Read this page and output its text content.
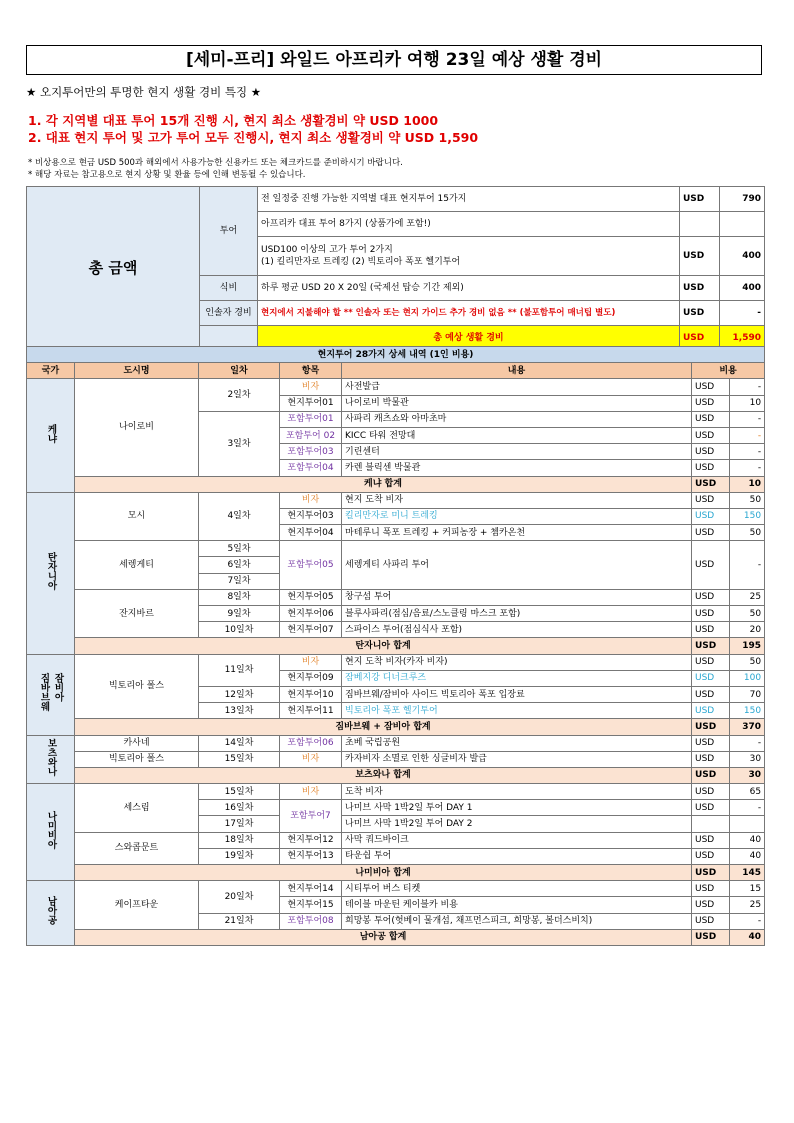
[세미-프리] 와일드 아프리카 여행 23일 예상 생활 경비
★ 오지투어만의 투명한 현지 생활 경비 특징 ★
1. 각 지역별 대표 투어 15개 진행 시, 현지 최소 생활경비 약 USD 1000
2. 대표 현지 투어 및 고가 투어 모두 진행시, 현지 최소 생활경비 약 USD 1,590
* 비상용으로 현금 USD 500과 해외에서 사용가능한 신용카드 또는 체크카드를 준비하시기 바랍니다.
* 해당 자료는 참고용으로 현지 상황 및 환율 등에 인해 변동될 수 있습니다.
총 금액	투어	전 일정중 진행 가능한 지역별 대표 현지투어 15가지	USD	790
		아프리카 대표 투어 8가지 (상품가에 포함!)		

		USD100 이상의 고가 투어 2가지
(1) 킬리만자로 트레킹 (2) 빅토리아 폭포 헬기투어	USD	400
	식비	하루 평균 USD 20 X 20일 (국제선 탑승 기간 제외)	USD	400
	인솔자 경비	현지에서 지불해야 할 ** 인솔자 또는 현지 가이드 추가 경비 없음 ** (불포함투어 매너팁 별도)	USD	-
		총 예상 생활 경비	USD	1,590
현지투어 28가지 상세 내역 (1인 비용)						
국가	도시명	일차	항목	내용	비용	
케냐	나이로비	2일차	비자	사전발급	USD	-
			현지투어01	나이로비 박물관	USD	10
		3일차	포함투어01	사파리 캐츠쇼와 아마초마	USD	-
			포함투어 02	KICC 타워 전망대	USD	-
			포함투어03	기린센터	USD	-
			포함투어04	카렌 블릭센 박물관	USD	-
	케냐 합계				USD	10
탄자니아	모시	4일차	비자	현지 도착 비자	USD	50
			현지투어03	킬리만자로 미니 트레킹	USD	150
			현지투어04	마테루니 폭포 트레킹 + 커피농장 + 쳄카온천	USD	50
	세렝게티	5일차	포함투어05	세렝게티 사파리 투어	USD	-
		6일차				
		7일차				
	잔지바르	8일차	현지투어05	창구섬 투어	USD	25
		9일차	현지투어06	블루사파리(점심/음료/스노클링 마스크 포함)	USD	50
		10일차	현지투어07	스파이스 투어(점심식사 포함)	USD	20
	탄자니아 합계				USD	195
짐바브웨 잠비아	빅토리아 폴스	11일차	비자	현지 도착 비자(카자 비자)	USD	50
			현지투어09	잠베지강 디너크루즈	USD	100
		12일차	현지투어10	짐바브웨/잠비아 사이드 빅토리아 폭포 입장료	USD	70
		13일차	현지투어11	빅토리아 폭포 헬기투어	USD	150
	짐바브웨 + 잠비아 합계				USD	370
보츠와나	카사네	14일차	포함투어06	초베 국립공원	USD	-
	빅토리아 폴스	15일차	비자	카자비자 소멸로 인한 싱글비자 발급	USD	30
	보츠와나 합계				USD	30
나미비아	세스림	15일차	비자	도착 비자	USD	65
		16일차	포함투어7	나미브 사막 1박2일 투어 DAY 1	USD	-
		17일차		나미브 사막 1박2일 투어 DAY 2		
	스와콥문트	18일차	현지투어12	사막 쿼드바이크	USD	40
		19일차	현지투어13	타운쉽 투어	USD	40
	나미비아 합계				USD	145
남아공	케이프타운	20일차	현지투어14	시티투어 버스 티켓	USD	15
			현지투어15	테이블 마운틴 케이블카 비용	USD	25
		21일차	포함투어08	희망봉 투어(헛베이 물개섬, 채프먼스피크, 희망봉, 볼더스비치)	USD	-
	남아공 합계				USD	40
